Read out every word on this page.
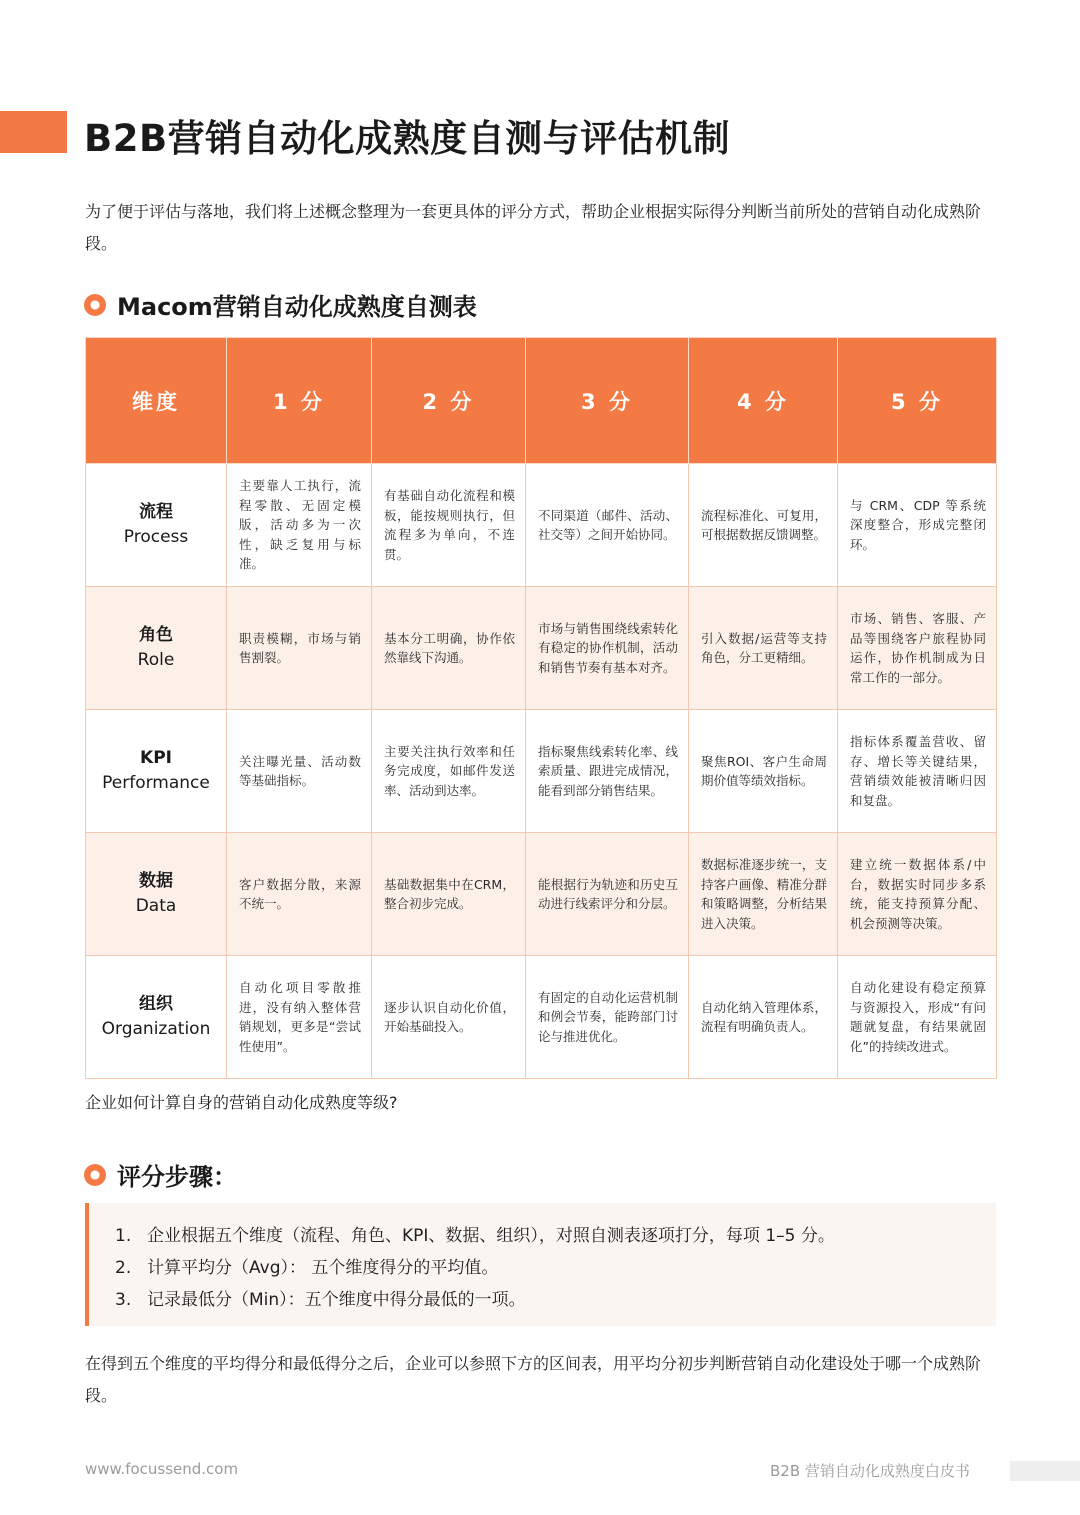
B2B营销自动化成熟度自测与评估机制
为了便于评估与落地，我们将上述概念整理为一套更具体的评分方式，帮助企业根据实际得分判断当前所处的营销自动化成熟阶段。
Macom营销自动化成熟度自测表
维度	1 分	2 分	3 分	4 分	5 分

流程
Process	主要靠人工执行，流程零散、无固定模版，活动多为一次性，缺乏复用与标准。	有基础自动化流程和模板，能按规则执行，但流程多为单向，不连贯。	不同渠道（邮件、活动、社交等）之间开始协同。	流程标准化、可复用，可根据数据反馈调整。	与 CRM、CDP 等系统深度整合，形成完整闭环。

角色
Role	职责模糊，市场与销售割裂。	基本分工明确，协作依然靠线下沟通。	市场与销售围绕线索转化有稳定的协作机制，活动和销售节奏有基本对齐。	引入数据/运营等支持角色，分工更精细。	市场、销售、客服、产品等围绕客户旅程协同运作，协作机制成为日常工作的一部分。

KPI
Performance	关注曝光量、活动数等基础指标。	主要关注执行效率和任务完成度，如邮件发送率、活动到达率。	指标聚焦线索转化率、线索质量、跟进完成情况，能看到部分销售结果。	聚焦ROI、客户生命周期价值等绩效指标。	指标体系覆盖营收、留存、增长等关键结果，营销绩效能被清晰归因和复盘。

数据
Data	客户数据分散，来源不统一。	基础数据集中在CRM，整合初步完成。	能根据行为轨迹和历史互动进行线索评分和分层。	数据标准逐步统一，支持客户画像、精准分群和策略调整，分析结果进入决策。	建立统一数据体系/中台，数据实时同步多系统，能支持预算分配、机会预测等决策。

组织
Organization	自动化项目零散推进，没有纳入整体营销规划，更多是“尝试性使用”。	逐步认识自动化价值，开始基础投入。	有固定的自动化运营机制和例会节奏，能跨部门讨论与推进优化。	自动化纳入管理体系，流程有明确负责人。	自动化建设有稳定预算与资源投入，形成“有问题就复盘，有结果就固化”的持续改进式。
企业如何计算自身的营销自动化成熟度等级?
评分步骤：
1. 企业根据五个维度（流程、角色、KPI、数据、组织），对照自测表逐项打分，每项 1–5 分。
2. 计算平均分（Avg）： 五个维度得分的平均值。
3. 记录最低分（Min）：五个维度中得分最低的一项。
在得到五个维度的平均得分和最低得分之后，企业可以参照下方的区间表，用平均分初步判断营销自动化建设处于哪一个成熟阶段。
www.focussend.com	B2B 营销自动化成熟度白皮书
